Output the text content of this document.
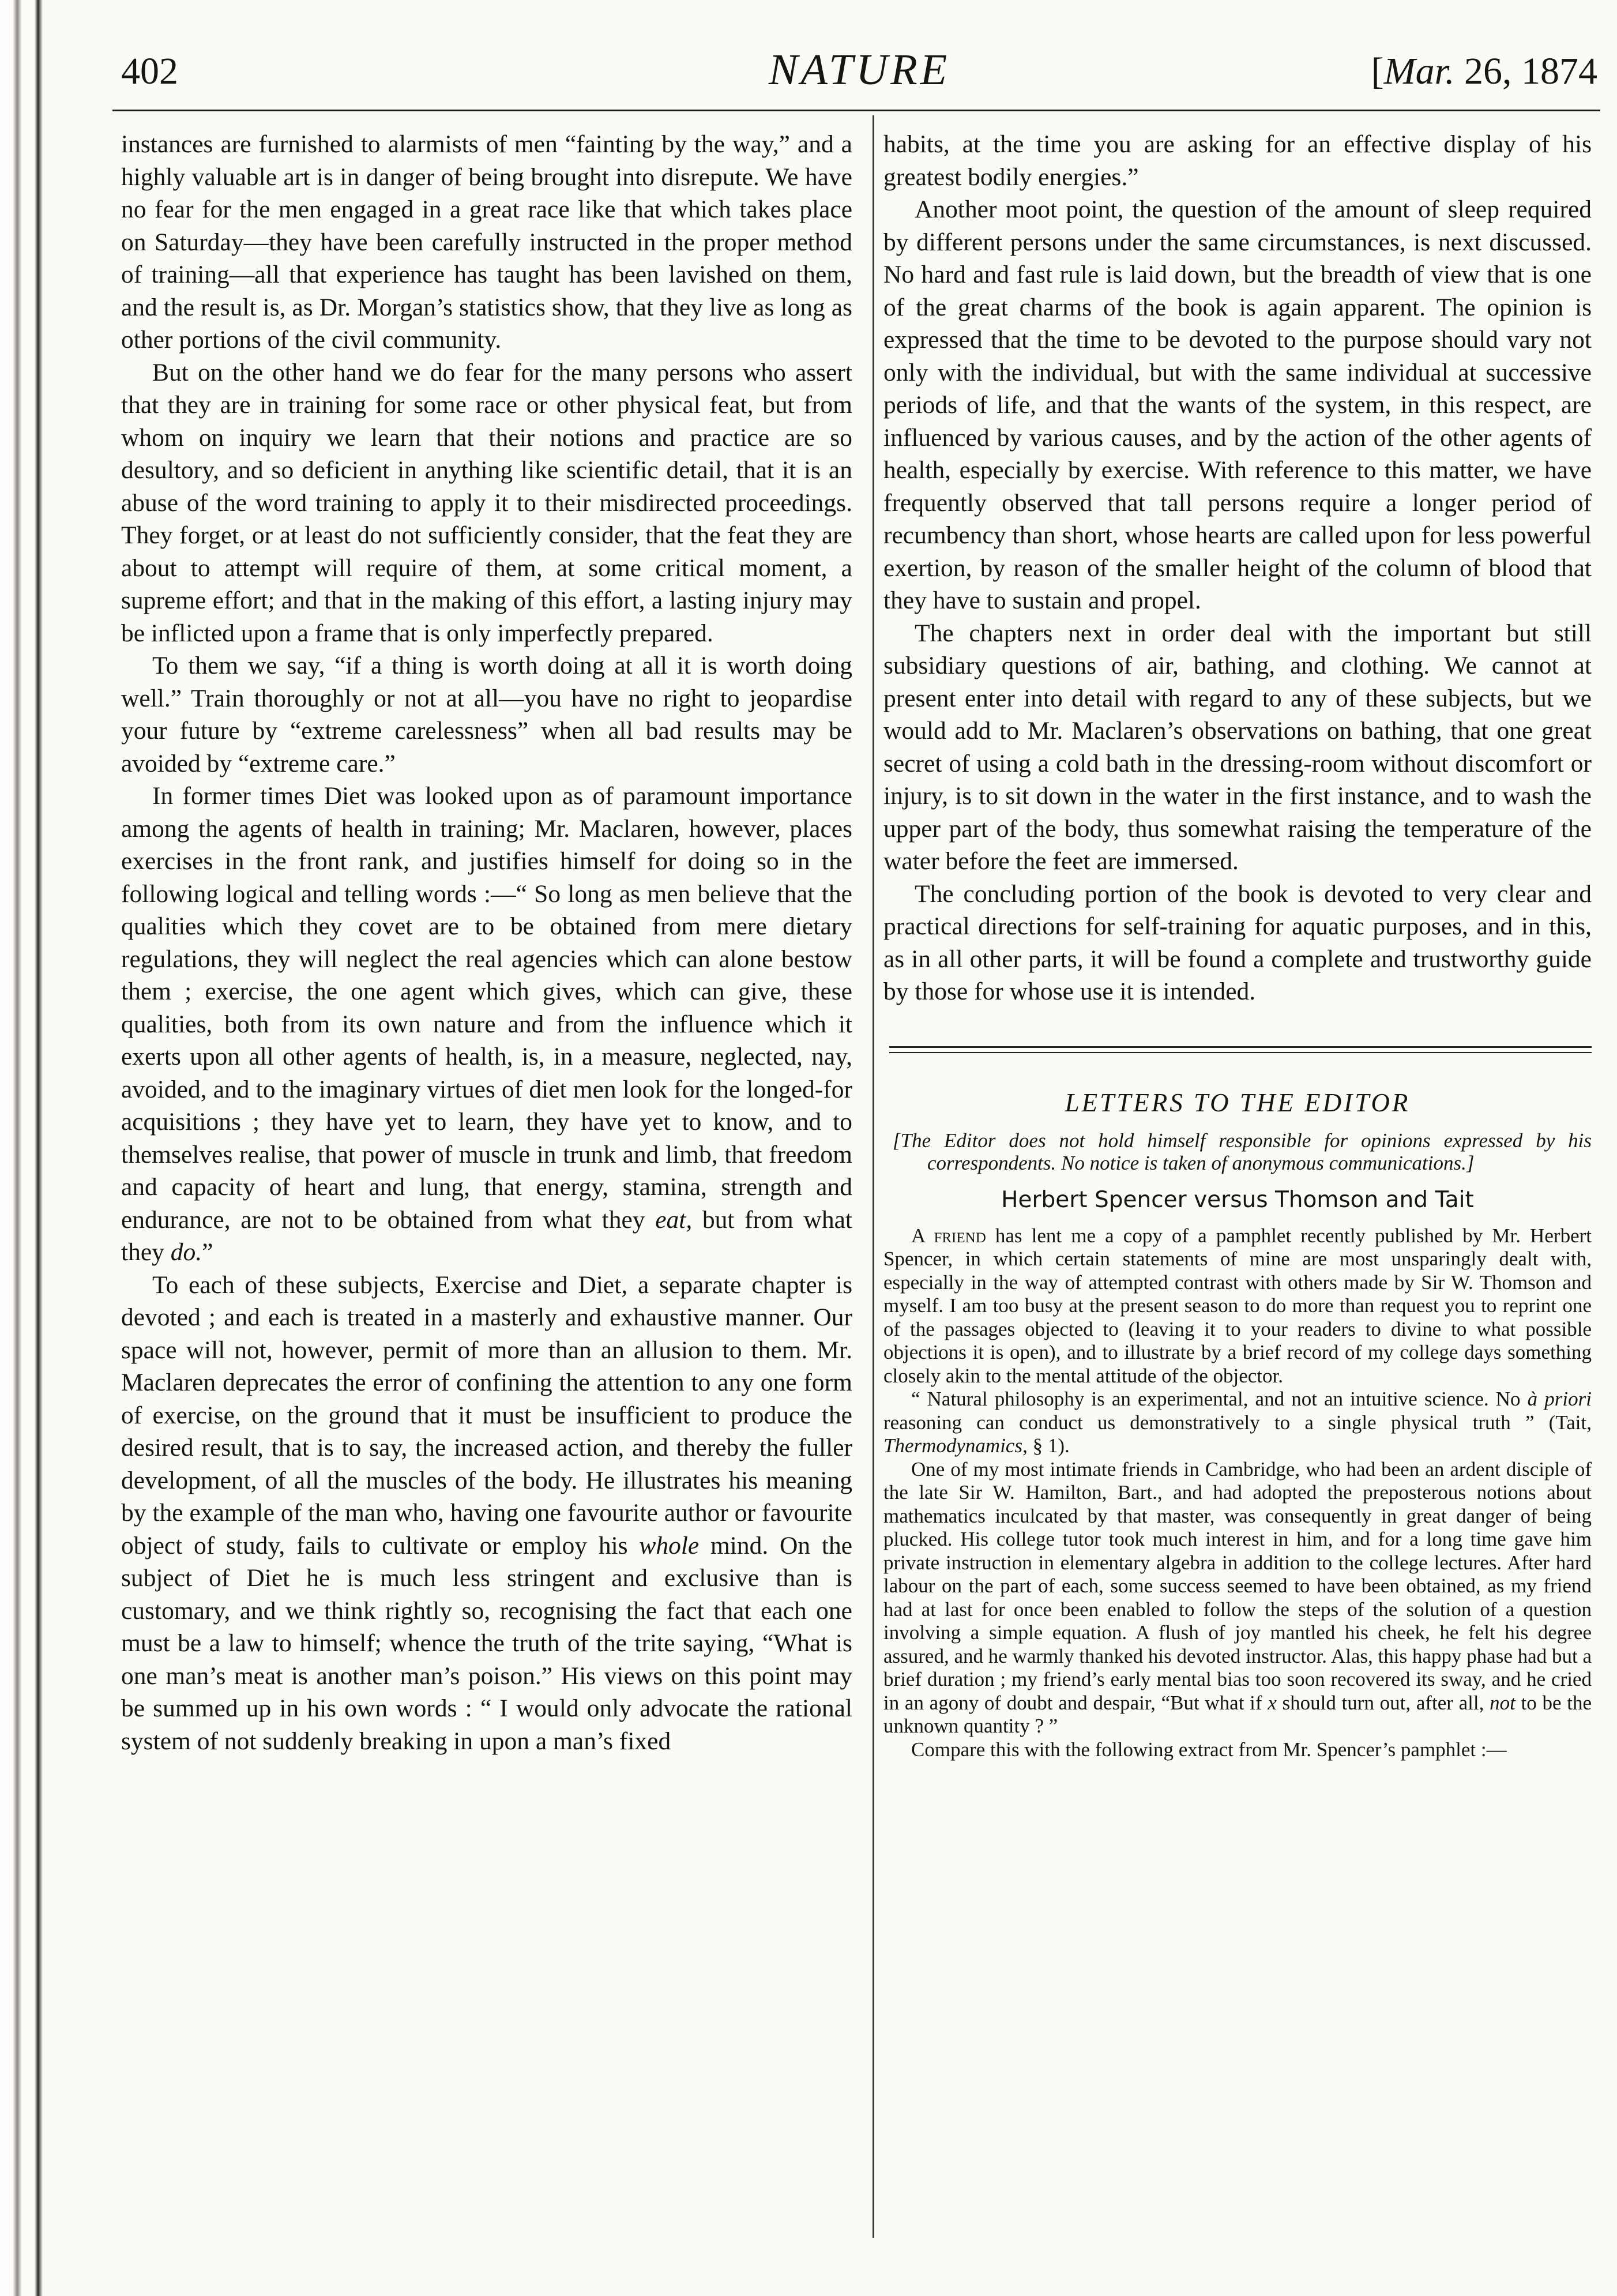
402	NATURE	[Mar. 26, 1874

instances are furnished to alarmists of men “fainting by the way,” and a highly valuable art is in danger of being brought into disrepute. We have no fear for the men engaged in a great race like that which takes place on Saturday—they have been carefully instructed in the proper method of training—all that experience has taught has been lavished on them, and the result is, as Dr. Morgan’s statistics show, that they live as long as other portions of the civil community.

But on the other hand we do fear for the many persons who assert that they are in training for some race or other physical feat, but from whom on inquiry we learn that their notions and practice are so desultory, and so deficient in anything like scientific detail, that it is an abuse of the word training to apply it to their misdirected proceedings. They forget, or at least do not sufficiently consider, that the feat they are about to attempt will require of them, at some critical moment, a supreme effort; and that in the making of this effort, a lasting injury may be inflicted upon a frame that is only imperfectly prepared.

To them we say, “if a thing is worth doing at all it is worth doing well.” Train thoroughly or not at all—you have no right to jeopardise your future by “extreme carelessness” when all bad results may be avoided by “extreme care.”

In former times Diet was looked upon as of paramount importance among the agents of health in training; Mr. Maclaren, however, places exercises in the front rank, and justifies himself for doing so in the following logical and telling words :—“ So long as men believe that the qualities which they covet are to be obtained from mere dietary regulations, they will neglect the real agencies which can alone bestow them ; exercise, the one agent which gives, which can give, these qualities, both from its own nature and from the influence which it exerts upon all other agents of health, is, in a measure, neglected, nay, avoided, and to the imaginary virtues of diet men look for the longed-for acquisitions ; they have yet to learn, they have yet to know, and to themselves realise, that power of muscle in trunk and limb, that freedom and capacity of heart and lung, that energy, stamina, strength and endurance, are not to be obtained from what they eat, but from what they do.”

To each of these subjects, Exercise and Diet, a separate chapter is devoted ; and each is treated in a masterly and exhaustive manner. Our space will not, however, permit of more than an allusion to them. Mr. Maclaren deprecates the error of confining the attention to any one form of exercise, on the ground that it must be insufficient to produce the desired result, that is to say, the increased action, and thereby the fuller development, of all the muscles of the body. He illustrates his meaning by the example of the man who, having one favourite author or favourite object of study, fails to cultivate or employ his whole mind. On the subject of Diet he is much less stringent and exclusive than is customary, and we think rightly so, recognising the fact that each one must be a law to himself; whence the truth of the trite saying, “What is one man’s meat is another man’s poison.” His views on this point may be summed up in his own words : “ I would only advocate the rational system of not suddenly breaking in upon a man’s fixed

habits, at the time you are asking for an effective display of his greatest bodily energies.”

Another moot point, the question of the amount of sleep required by different persons under the same circumstances, is next discussed. No hard and fast rule is laid down, but the breadth of view that is one of the great charms of the book is again apparent. The opinion is expressed that the time to be devoted to the purpose should vary not only with the individual, but with the same individual at successive periods of life, and that the wants of the system, in this respect, are influenced by various causes, and by the action of the other agents of health, especially by exercise. With reference to this matter, we have frequently observed that tall persons require a longer period of recumbency than short, whose hearts are called upon for less powerful exertion, by reason of the smaller height of the column of blood that they have to sustain and propel.

The chapters next in order deal with the important but still subsidiary questions of air, bathing, and clothing. We cannot at present enter into detail with regard to any of these subjects, but we would add to Mr. Maclaren’s observations on bathing, that one great secret of using a cold bath in the dressing-room without discomfort or injury, is to sit down in the water in the first instance, and to wash the upper part of the body, thus somewhat raising the temperature of the water before the feet are immersed.

The concluding portion of the book is devoted to very clear and practical directions for self-training for aquatic purposes, and in this, as in all other parts, it will be found a complete and trustworthy guide by those for whose use it is intended.

LETTERS TO THE EDITOR
[The Editor does not hold himself responsible for opinions expressed by his correspondents. No notice is taken of anonymous communications.]
Herbert Spencer versus Thomson and Tait

A friend has lent me a copy of a pamphlet recently published by Mr. Herbert Spencer, in which certain statements of mine are most unsparingly dealt with, especially in the way of attempted contrast with others made by Sir W. Thomson and myself. I am too busy at the present season to do more than request you to reprint one of the passages objected to (leaving it to your readers to divine to what possible objections it is open), and to illustrate by a brief record of my college days something closely akin to the mental attitude of the objector.

“ Natural philosophy is an experimental, and not an intuitive science. No à priori reasoning can conduct us demonstratively to a single physical truth ” (Tait, Thermodynamics, § 1).

One of my most intimate friends in Cambridge, who had been an ardent disciple of the late Sir W. Hamilton, Bart., and had adopted the preposterous notions about mathematics inculcated by that master, was consequently in great danger of being plucked. His college tutor took much interest in him, and for a long time gave him private instruction in elementary algebra in addition to the college lectures. After hard labour on the part of each, some success seemed to have been obtained, as my friend had at last for once been enabled to follow the steps of the solution of a question involving a simple equation. A flush of joy mantled his cheek, he felt his degree assured, and he warmly thanked his devoted instructor. Alas, this happy phase had but a brief duration ; my friend’s early mental bias too soon recovered its sway, and he cried in an agony of doubt and despair, “But what if x should turn out, after all, not to be the unknown quantity ? ”

Compare this with the following extract from Mr. Spencer’s pamphlet :—
